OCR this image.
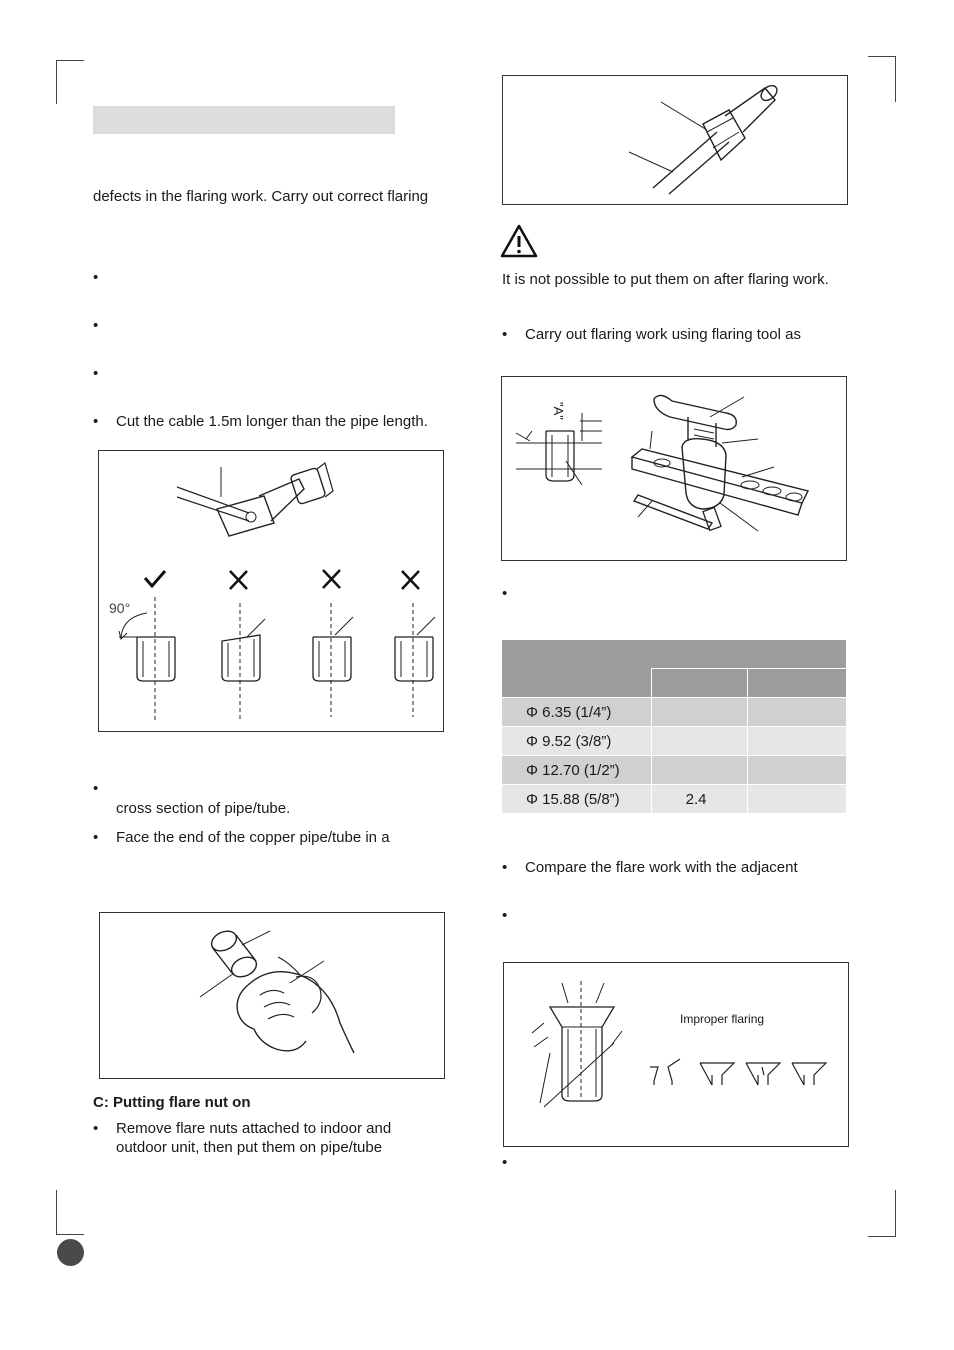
defects in the flaring work. Carry out correct flaring
•
•
•
• Cut the cable 1.5m longer than the pipe length.
90°
•
cross section of pipe/tube.
• Face the end of the copper pipe/tube in a
C: Putting flare nut on
• Remove flare nuts attached to indoor and
outdoor unit, then put them on pipe/tube
It is not possible to put them on after flaring work.
• Carry out flaring work using flaring tool as
"A"
•

Φ 6.35 (1/4”)		
Φ 9.52 (3/8”)		
Φ 12.70 (1/2”)		
Φ 15.88 (5/8”)	2.4	
• Compare the flare work with the adjacent
•
Improper flaring
•
